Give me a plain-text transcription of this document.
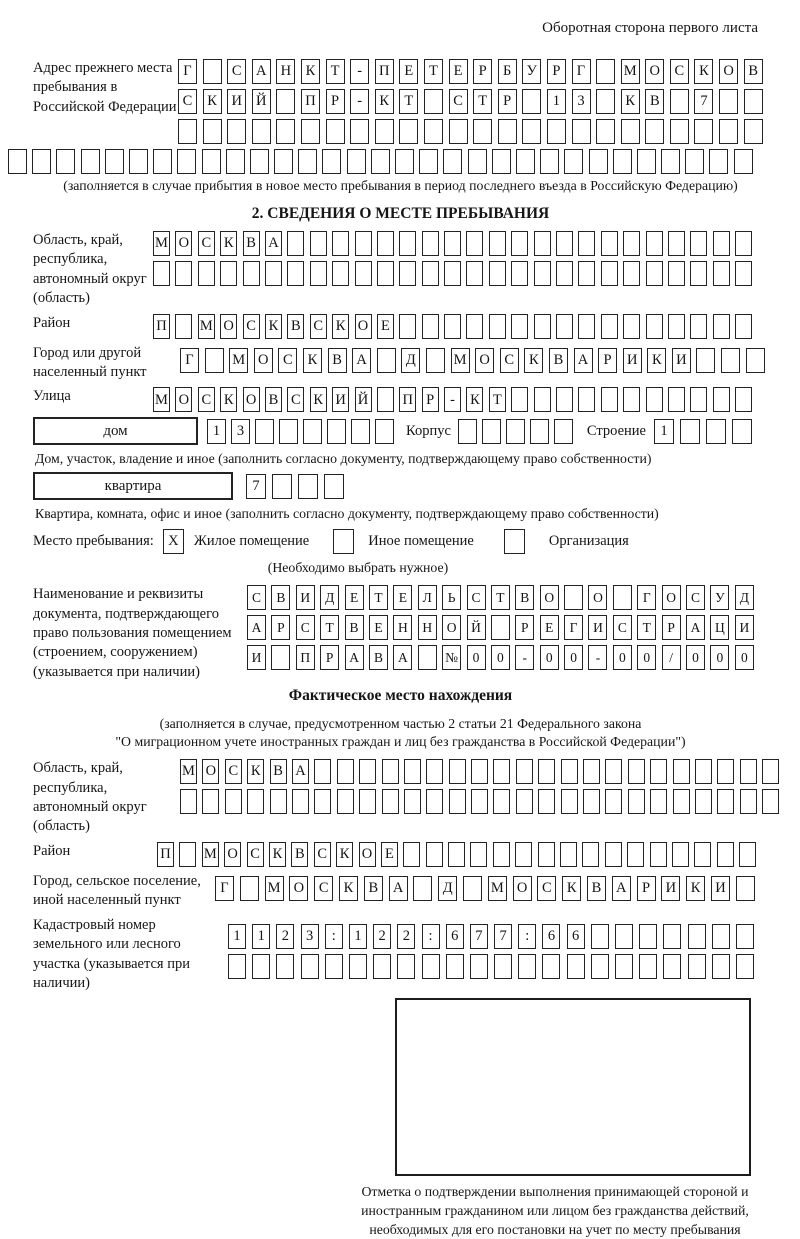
Оборотная сторона первого листа
Адрес прежнего места пребывания в Российской Федерации
Г	С	А Н	К	Т	-	П	Е	Т	Е	Р	Б	У	Р	Г	М О	С	К	О	В
С	К	И Й	П	Р	-	К	Т	С	Т	Р	1	3	К	В	7
(заполняется в случае прибытия в новое место пребывания в период последнего въезда в Российскую Федерацию)
2. СВЕДЕНИЯ О МЕСТЕ ПРЕБЫВАНИЯ
Область, край, республика, автономный округ (область)
М О С К В А
Район	П М О С К В С К О Е
Город или другой населенный пункт
Г	М О	С	К	В	А	Д	М О	С	К	В	А	Р	И	К	И
Улица	М О С К О В С К И Й П Р	-	К Т
дом	1	3	Корпус	Строение 1
Дом, участок, владение и иное (заполнить согласно документу, подтверждающему право собственности)
квартира	7
Квартира, комната, офис и иное (заполнить согласно документу, подтверждающему право собственности)
Место пребывания: X	Жилое помещение	Иное помещение	Организация
(Необходимо выбрать нужное)
Наименование и реквизиты документа, подтверждающего право пользования помещением (строением, сооружением) (указывается при наличии)
С	В	И	Д	Е	Т	Е	Л	Ь	С	Т	В	О	О	Г	О	С	У	Д
А	Р	С	Т	В	Е	Н	Н	О	Й	Р	Е	Г	И	С	Т	Р	А	Ц	И
И	П	Р	А	В	А	№	0	0	-	0	0	-	0	0	/	0	0	0
Фактическое место нахождения
(заполняется в случае, предусмотренном частью 2 статьи 21 Федерального закона
"О миграционном учете иностранных граждан и лиц без гражданства в Российской Федерации")
Область, край, республика, автономный округ (область)
М О С К В А
Район	П М О С К В С К О Е
Город, сельское поселение, иной населенный пункт
Г	М О	С	К	В	А	Д	М О	С	К	В	А	Р	И	К	И
Кадастровый номер земельного или лесного участка (указывается при наличии)
1	1	2	3	:	1	2	2	:	6	7	7	:	6	6
Отметка о подтверждении выполнения принимающей стороной и иностранным гражданином или лицом без гражданства действий, необходимых для его постановки на учет по месту пребывания
